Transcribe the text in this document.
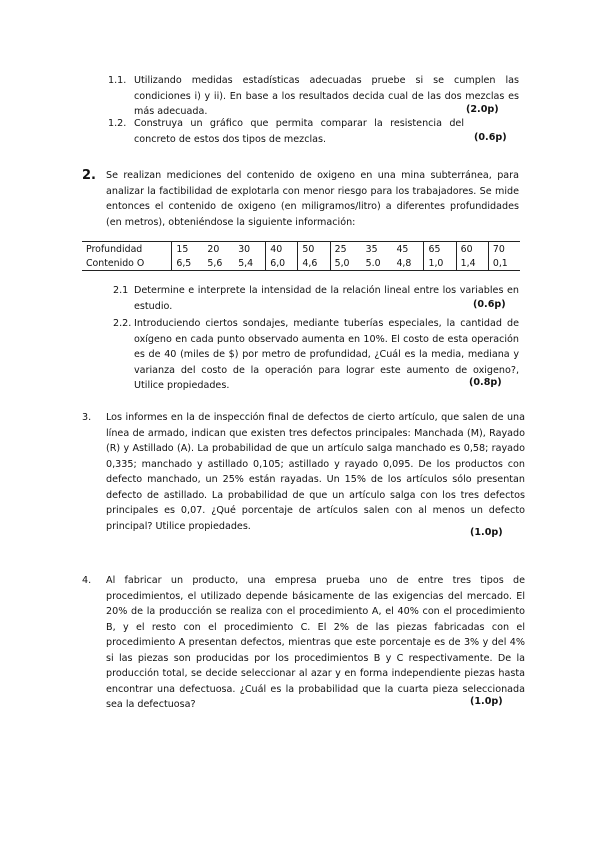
1.1. Utilizando medidas estadísticas adecuadas pruebe si se cumplen las condiciones i) y ii). En base a los resultados decida cual de las dos mezclas es más adecuada.	(2.0p)
1.2. Construya un gráfico que permita comparar la resistencia del concreto de estos dos tipos de mezclas.	(0.6p)
2. Se realizan mediciones del contenido de oxigeno en una mina subterránea, para analizar la factibilidad de explotarla con menor riesgo para los trabajadores. Se mide entonces el contenido de oxigeno (en miligramos/litro) a diferentes profundidades (en metros), obteniéndose la siguiente información:
Profundidad	15	20	30	40	50	25	35	45	65	60	70
Contenido O	6,5	5,6	5,4	6,0	4,6	5,0	5.0	4,8	1,0	1,4	0,1
2.1 Determine e interprete la intensidad de la relación lineal entre los variables en estudio.	(0.6p)
2.2. Introduciendo ciertos sondajes, mediante tuberías especiales, la cantidad de oxígeno en cada punto observado aumenta en 10%. El costo de esta operación es de 40 (miles de $) por metro de profundidad, ¿Cuál es la media, mediana y varianza del costo de la operación para lograr este aumento de oxigeno?, Utilice propiedades.	(0.8p)
3. Los informes en la de inspección final de defectos de cierto artículo, que salen de una línea de armado, indican que existen tres defectos principales: Manchada (M), Rayado (R) y Astillado (A). La probabilidad de que un artículo salga manchado es 0,58; rayado 0,335; manchado y astillado 0,105; astillado y rayado 0,095. De los productos con defecto manchado, un 25% están rayadas. Un 15% de los artículos sólo presentan defecto de astillado. La probabilidad de que un artículo salga con los tres defectos principales es 0,07. ¿Qué porcentaje de artículos salen con al menos un defecto principal? Utilice propiedades.
(1.0p)
4. Al fabricar un producto, una empresa prueba uno de entre tres tipos de procedimientos, el utilizado depende básicamente de las exigencias del mercado. El 20% de la producción se realiza con el procedimiento A, el 40% con el procedimiento B, y el resto con el procedimiento C. El 2% de las piezas fabricadas con el procedimiento A presentan defectos, mientras que este porcentaje es de 3% y del 4% si las piezas son producidas por los procedimientos B y C respectivamente. De la producción total, se decide seleccionar al azar y en forma independiente piezas hasta encontrar una defectuosa. ¿Cuál es la probabilidad que la cuarta pieza seleccionada sea la defectuosa?	(1.0p)
